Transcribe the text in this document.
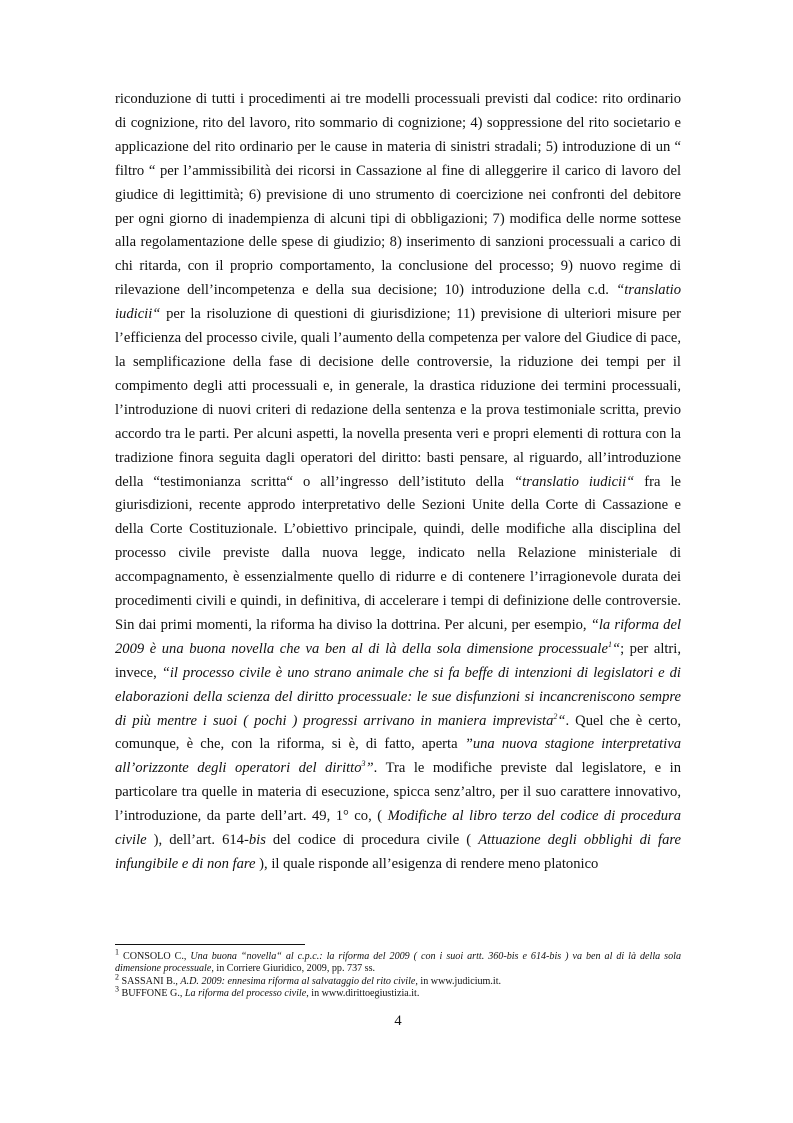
riconduzione di tutti i procedimenti ai tre modelli processuali previsti dal codice: rito ordinario di cognizione, rito del lavoro, rito sommario di cognizione; 4) soppressione del rito societario e applicazione del rito ordinario per le cause in materia di sinistri stradali; 5) introduzione di un “ filtro “ per l’ammissibilità dei ricorsi in Cassazione al fine di alleggerire il carico di lavoro del giudice di legittimità; 6) previsione di uno strumento di coercizione nei confronti del debitore per ogni giorno di inadempienza di alcuni tipi di obbligazioni; 7) modifica delle norme sottese alla regolamentazione delle spese di giudizio; 8) inserimento di sanzioni processuali a carico di chi ritarda, con il proprio comportamento, la conclusione del processo; 9) nuovo regime di rilevazione dell’incompetenza e della sua decisione; 10) introduzione della c.d. “translatio iudicii“ per la risoluzione di questioni di giurisdizione; 11) previsione di ulteriori misure per l’efficienza del processo civile, quali l’aumento della competenza per valore del Giudice di pace, la semplificazione della fase di decisione delle controversie, la riduzione dei tempi per il compimento degli atti processuali e, in generale, la drastica riduzione dei termini processuali, l’introduzione di nuovi criteri di redazione della sentenza e la prova testimoniale scritta, previo accordo tra le parti. Per alcuni aspetti, la novella presenta veri e propri elementi di rottura con la tradizione finora seguita dagli operatori del diritto: basti pensare, al riguardo, all’introduzione della “testimonianza scritta“ o all’ingresso dell’istituto della “translatio iudicii“ fra le giurisdizioni, recente approdo interpretativo delle Sezioni Unite della Corte di Cassazione e della Corte Costituzionale. L’obiettivo principale, quindi, delle modifiche alla disciplina del processo civile previste dalla nuova legge, indicato nella Relazione ministeriale di accompagnamento, è essenzialmente quello di ridurre e di contenere l’irragionevole durata dei procedimenti civili e quindi, in definitiva, di accelerare i tempi di definizione delle controversie. Sin dai primi momenti, la riforma ha diviso la dottrina. Per alcuni, per esempio, “la riforma del 2009 è una buona novella che va ben al di là della sola dimensione processuale$^1$“; per altri, invece, “il processo civile è uno strano animale che si fa beffe di intenzioni di legislatori e di elaborazioni della scienza del diritto processuale: le sue disfunzioni si incancreniscono sempre di più mentre i suoi ( pochi ) progressi arrivano in maniera imprevista$^2$“. Quel che è certo, comunque, è che, con la riforma, si è, di fatto, aperta ”una nuova stagione interpretativa all’orizzonte degli operatori del diritto$^3$”. Tra le modifiche previste dal legislatore, e in particolare tra quelle in materia di esecuzione, spicca senz’altro, per il suo carattere innovativo, l’introduzione, da parte dell’art. 49, 1° co, ( Modifiche al libro terzo del codice di procedura civile ), dell’art. 614-bis del codice di procedura civile ( Attuazione degli obblighi di fare infungibile e di non fare ), il quale risponde all’esigenza di rendere meno platonico

$^1$ CONSOLO C., Una buona “novella“ al c.p.c.: la riforma del 2009 ( con i suoi artt. 360-bis e 614-bis ) va ben al di là della sola dimensione processuale, in Corriere Giuridico, 2009, pp. 737 ss.

$^2$ SASSANI B., A.D. 2009: ennesima riforma al salvataggio del rito civile, in www.judicium.it.

$^3$ BUFFONE G., La riforma del processo civile, in www.dirittoegiustizia.it.

4
